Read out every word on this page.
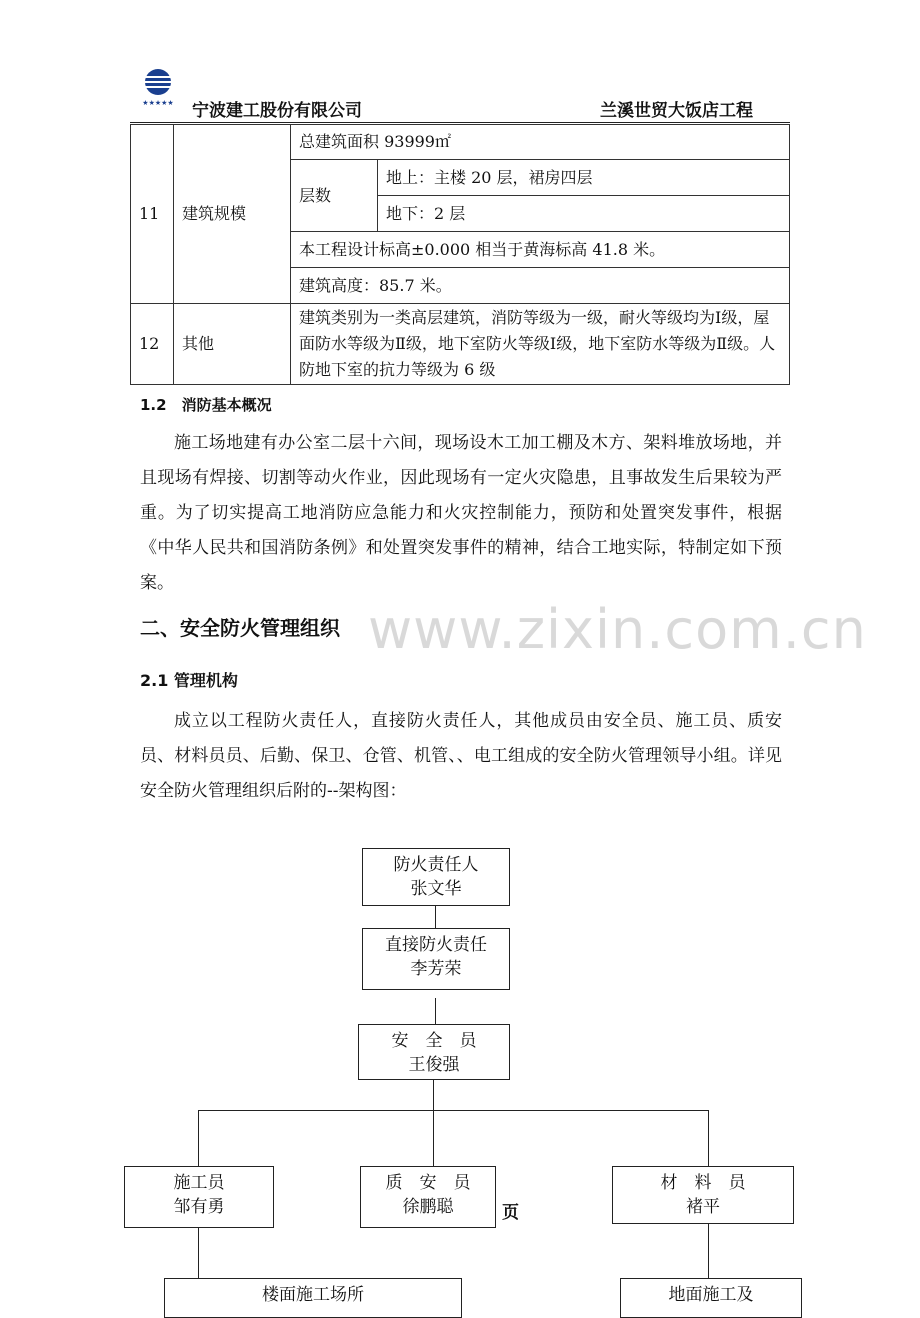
★★★★★ 宁波建工股份有限公司	兰溪世贸大饭店工程
11	建筑规模	总建筑面积 93999㎡	
		层数	地上：主楼 20 层，裙房四层
			地下：2 层
		本工程设计标高±0.000 相当于黄海标高 41.8 米。	
		建筑高度：85.7 米。	
12	其他	建筑类别为一类高层建筑，消防等级为一级，耐火等级均为Ⅰ级，屋面防水等级为Ⅱ级，地下室防火等级Ⅰ级，地下室防水等级为Ⅱ级。人防地下室的抗力等级为 6 级	
1.2　消防基本概况
施工场地建有办公室二层十六间，现场设木工加工棚及木方、架料堆放场地，并且现场有焊接、切割等动火作业，因此现场有一定火灾隐患，且事故发生后果较为严重。为了切实提高工地消防应急能力和火灾控制能力，预防和处置突发事件，根据《中华人民共和国消防条例》和处置突发事件的精神，结合工地实际，特制定如下预案。
www.zixin.com.cn
二、安全防火管理组织
2.1 管理机构
成立以工程防火责任人，直接防火责任人，其他成员由安全员、施工员、质安员、材料员员、后勤、保卫、仓管、机管、、电工组成的安全防火管理领导小组。详见安全防火管理组织后附的--架构图：
防火责任人
张文华
直接防火责任
李芳荣
安　全　员
王俊强
施工员
邹有勇
质　安　员
徐鹏聪	页
材　料　员
褚平
楼面施工场所	地面施工及
